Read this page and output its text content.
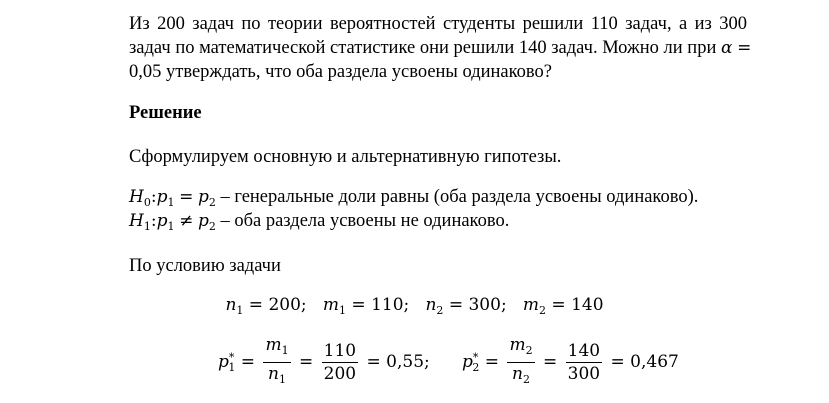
Из 200 задач по теории вероятностей студенты решили 110 задач, а из 300
задач по математической статистике они решили 140 задач. Можно ли при α =
0,05 утверждать, что оба раздела усвоены одинаково?
Решение
Сформулируем основную и альтернативную гипотезы.
$H_0:p_1 = p_2$ – генеральные доли равны (оба раздела усвоены одинаково).
$H_1:p_1 \ne p_2$ – оба раздела усвоены не одинаково.
По условию задачи
$n_1 = 200$; $m_1 = 110$; $n_2 = 300$; $m_2 = 140$
$p^*_1 = \frac{m_1}{n_1} = \frac{110}{200} = 0,55$; $p^*_2 = \frac{m_2}{n_2} = \frac{140}{300} = 0,467$
